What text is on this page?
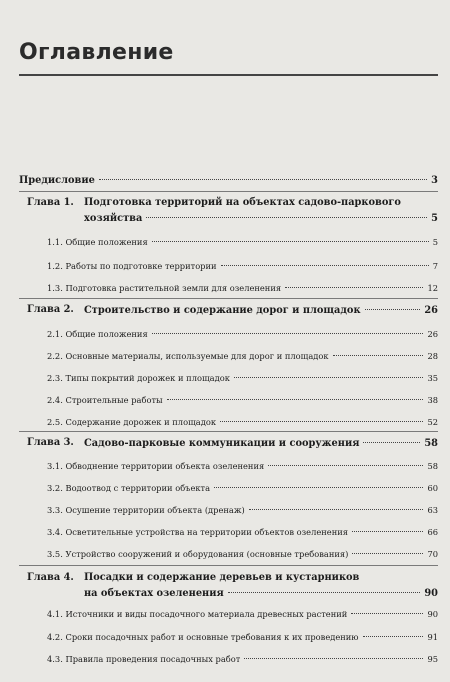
Оглавление
Предисловие	3
Глава 1. Подготовка территорий на объектах садово-паркового
хозяйства	5
1.1. Общие положения	5
1.2. Работы по подготовке территории	7
1.3. Подготовка растительной земли для озеленения	12
Глава 2. Строительство и содержание дорог и площадок	26
2.1. Общие положения	26
2.2. Основные материалы, используемые для дорог и площадок	28
2.3. Типы покрытий дорожек и площадок	35
2.4. Строительные работы	38
2.5. Содержание дорожек и площадок	52
Глава 3. Садово-парковые коммуникации и сооружения	58
3.1. Обводнение территории объекта озеленения	58
3.2. Водоотвод с территории объекта	60
3.3. Осушение территории объекта (дренаж)	63
3.4. Осветительные устройства на территории объектов озеленения	66
3.5. Устройство сооружений и оборудования (основные требования)	70
Глава 4. Посадки и содержание деревьев и кустарников
на объектах озеленения	90
4.1. Источники и виды посадочного материала древесных растений	90
4.2. Сроки посадочных работ и основные требования к их проведению	91
4.3. Правила проведения посадочных работ	95
